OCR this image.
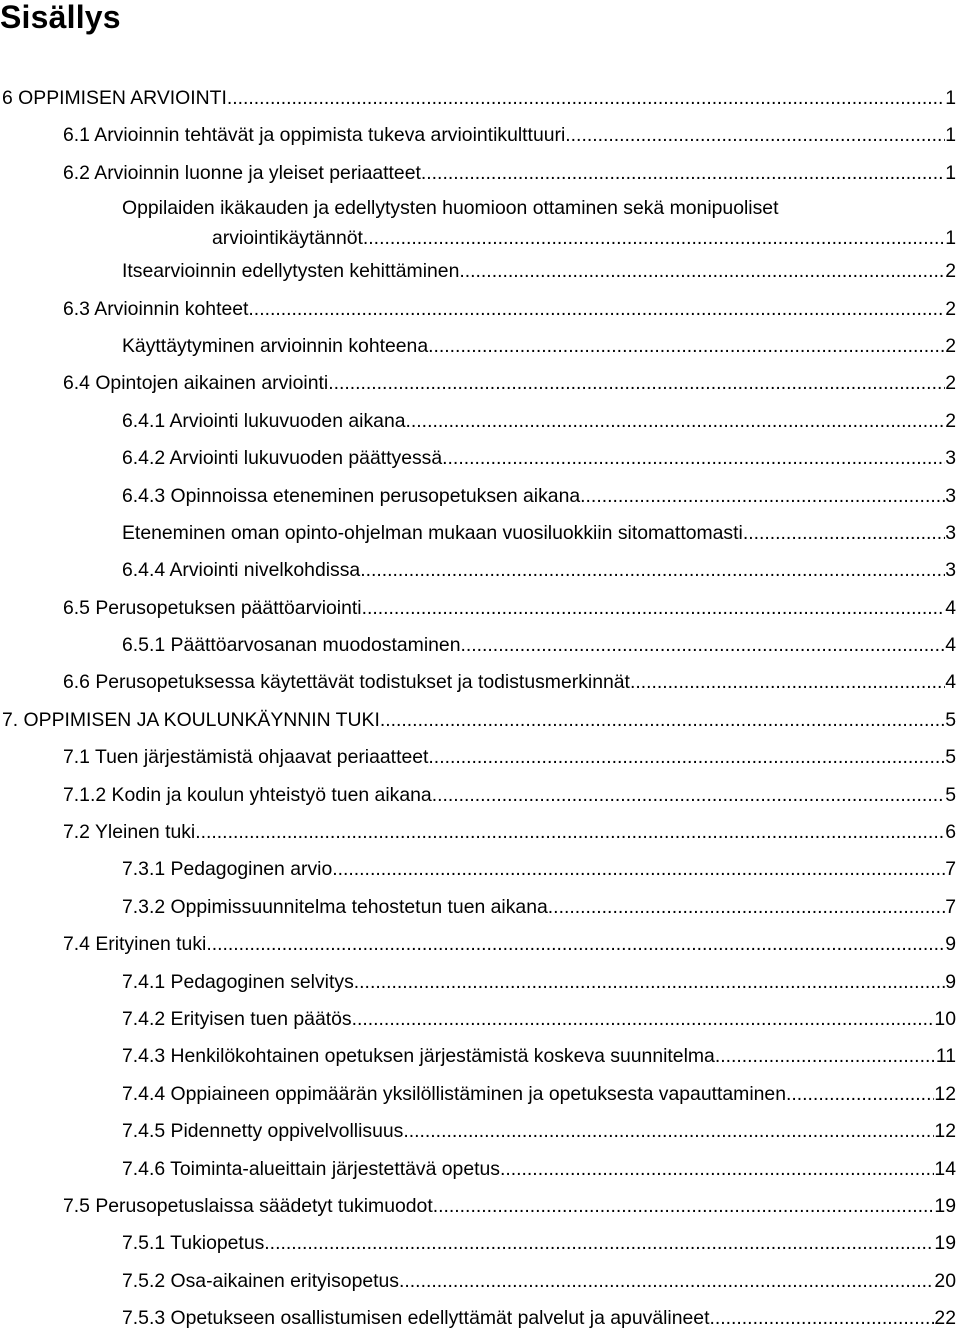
Sisällys
6 OPPIMISEN ARVIOINTI .....	1
6.1 Arvioinnin tehtävät ja oppimista tukeva arviointikulttuuri .....	1
6.2 Arvioinnin luonne ja yleiset periaatteet .....	1
Oppilaiden ikäkauden ja edellytysten huomioon ottaminen sekä monipuoliset
arviointikäytännöt .....	1
Itsearvioinnin edellytysten kehittäminen .....	2
6.3 Arvioinnin kohteet .....	2
Käyttäytyminen arvioinnin kohteena .....	2
6.4 Opintojen aikainen arviointi .....	2
6.4.1 Arviointi lukuvuoden aikana .....	2
6.4.2 Arviointi lukuvuoden päättyessä .....	3
6.4.3 Opinnoissa eteneminen perusopetuksen aikana .....	3
Eteneminen oman opinto-ohjelman mukaan vuosiluokkiin sitomattomasti .....	3
6.4.4 Arviointi nivelkohdissa .....	3
6.5 Perusopetuksen päättöarviointi .....	4
6.5.1 Päättöarvosanan muodostaminen .....	4
6.6 Perusopetuksessa käytettävät todistukset ja todistusmerkinnät .....	4
7. OPPIMISEN JA KOULUNKÄYNNIN TUKI .....	5
7.1 Tuen järjestämistä ohjaavat periaatteet .....	5
7.1.2 Kodin ja koulun yhteistyö tuen aikana .....	5
7.2 Yleinen tuki .....	6
7.3.1 Pedagoginen arvio .....	7
7.3.2 Oppimissuunnitelma tehostetun tuen aikana .....	7
7.4 Erityinen tuki .....	9
7.4.1 Pedagoginen selvitys .....	9
7.4.2 Erityisen tuen päätös .....	10
7.4.3 Henkilökohtainen opetuksen järjestämistä koskeva suunnitelma .....	11
7.4.4 Oppiaineen oppimäärän yksilöllistäminen ja opetuksesta vapauttaminen .....	12
7.4.5 Pidennetty oppivelvollisuus .....	12
7.4.6 Toiminta-alueittain järjestettävä opetus .....	14
7.5 Perusopetuslaissa säädetyt tukimuodot .....	19
7.5.1 Tukiopetus .....	19
7.5.2 Osa-aikainen erityisopetus .....	20
7.5.3 Opetukseen osallistumisen edellyttämät palvelut ja apuvälineet .....	22
